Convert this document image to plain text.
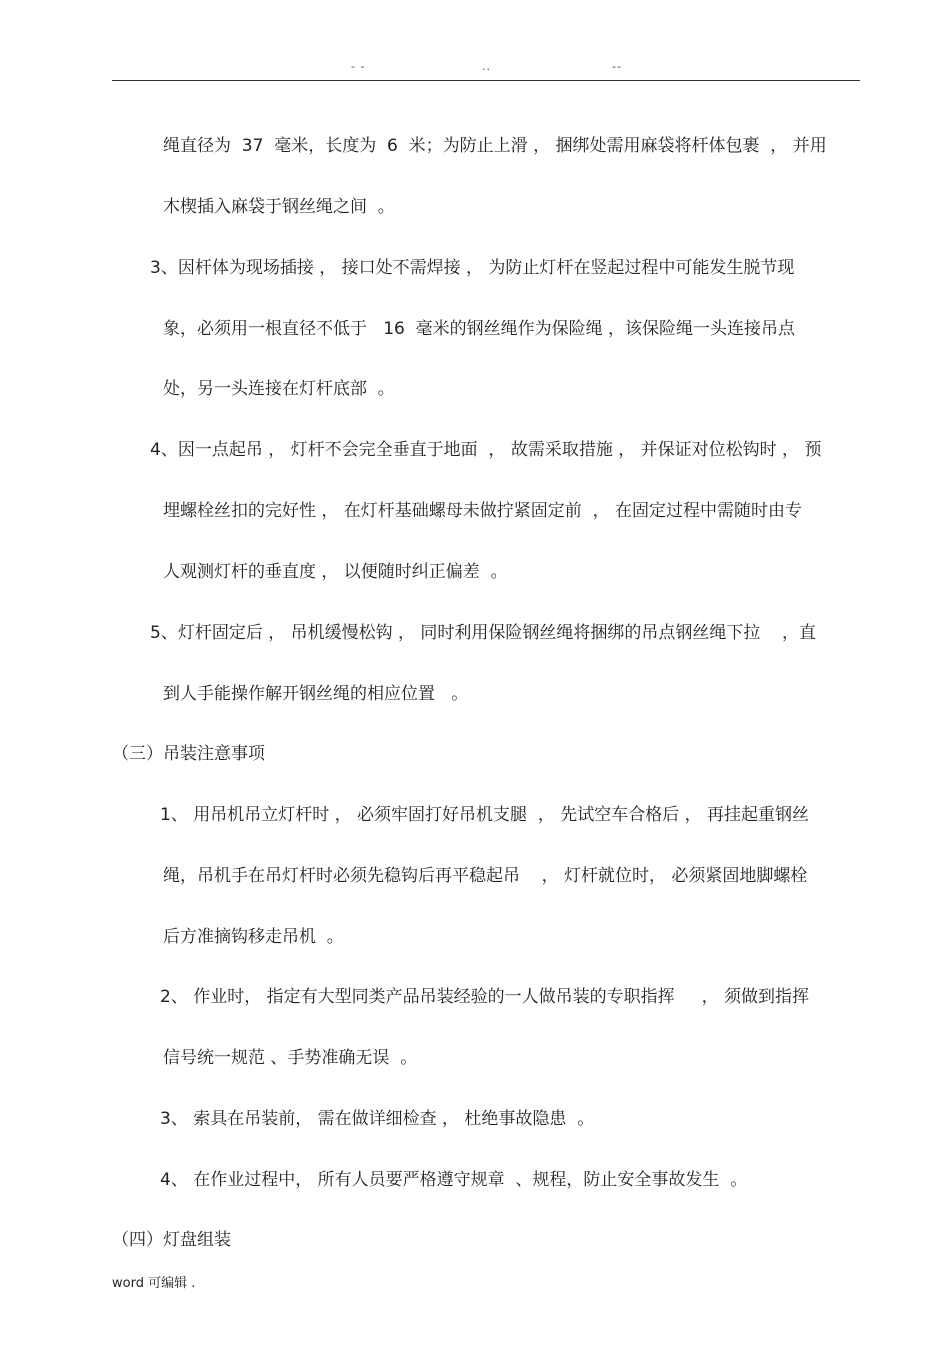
- -	..	--
绳直径为  37  毫米，长度为  6  米；为防止上滑 ， 捆绑处需用麻袋将杆体包裹  ， 并用
木楔插入麻袋于钢丝绳之间  。
3、因杆体为现场插接 ， 接口处不需焊接 ， 为防止灯杆在竖起过程中可能发生脱节现
象，必须用一根直径不低于   16  毫米的钢丝绳作为保险绳 ，该保险绳一头连接吊点
处，另一头连接在灯杆底部  。
4、因一点起吊 ， 灯杆不会完全垂直于地面  ， 故需采取措施 ， 并保证对位松钩时 ， 预
埋螺栓丝扣的完好性 ， 在灯杆基础螺母未做拧紧固定前  ， 在固定过程中需随时由专
人观测灯杆的垂直度 ， 以便随时纠正偏差  。
5、灯杆固定后 ， 吊机缓慢松钩 ， 同时利用保险钢丝绳将捆绑的吊点钢丝绳下拉    ，直
到人手能操作解开钢丝绳的相应位置   。
（三）吊装注意事项
1、 用吊机吊立灯杆时 ， 必须牢固打好吊机支腿  ， 先试空车合格后 ， 再挂起重钢丝
绳，吊机手在吊灯杆时必须先稳钩后再平稳起吊    ， 灯杆就位时， 必须紧固地脚螺栓
后方准摘钩移走吊机  。
2、 作业时， 指定有大型同类产品吊装经验的一人做吊装的专职指挥     ， 须做到指挥
信号统一规范 、手势准确无误  。
3、 索具在吊装前， 需在做详细检查 ， 杜绝事故隐患  。
4、 在作业过程中， 所有人员要严格遵守规章  、规程，防止安全事故发生  。
（四）灯盘组装
word 可编辑 .
